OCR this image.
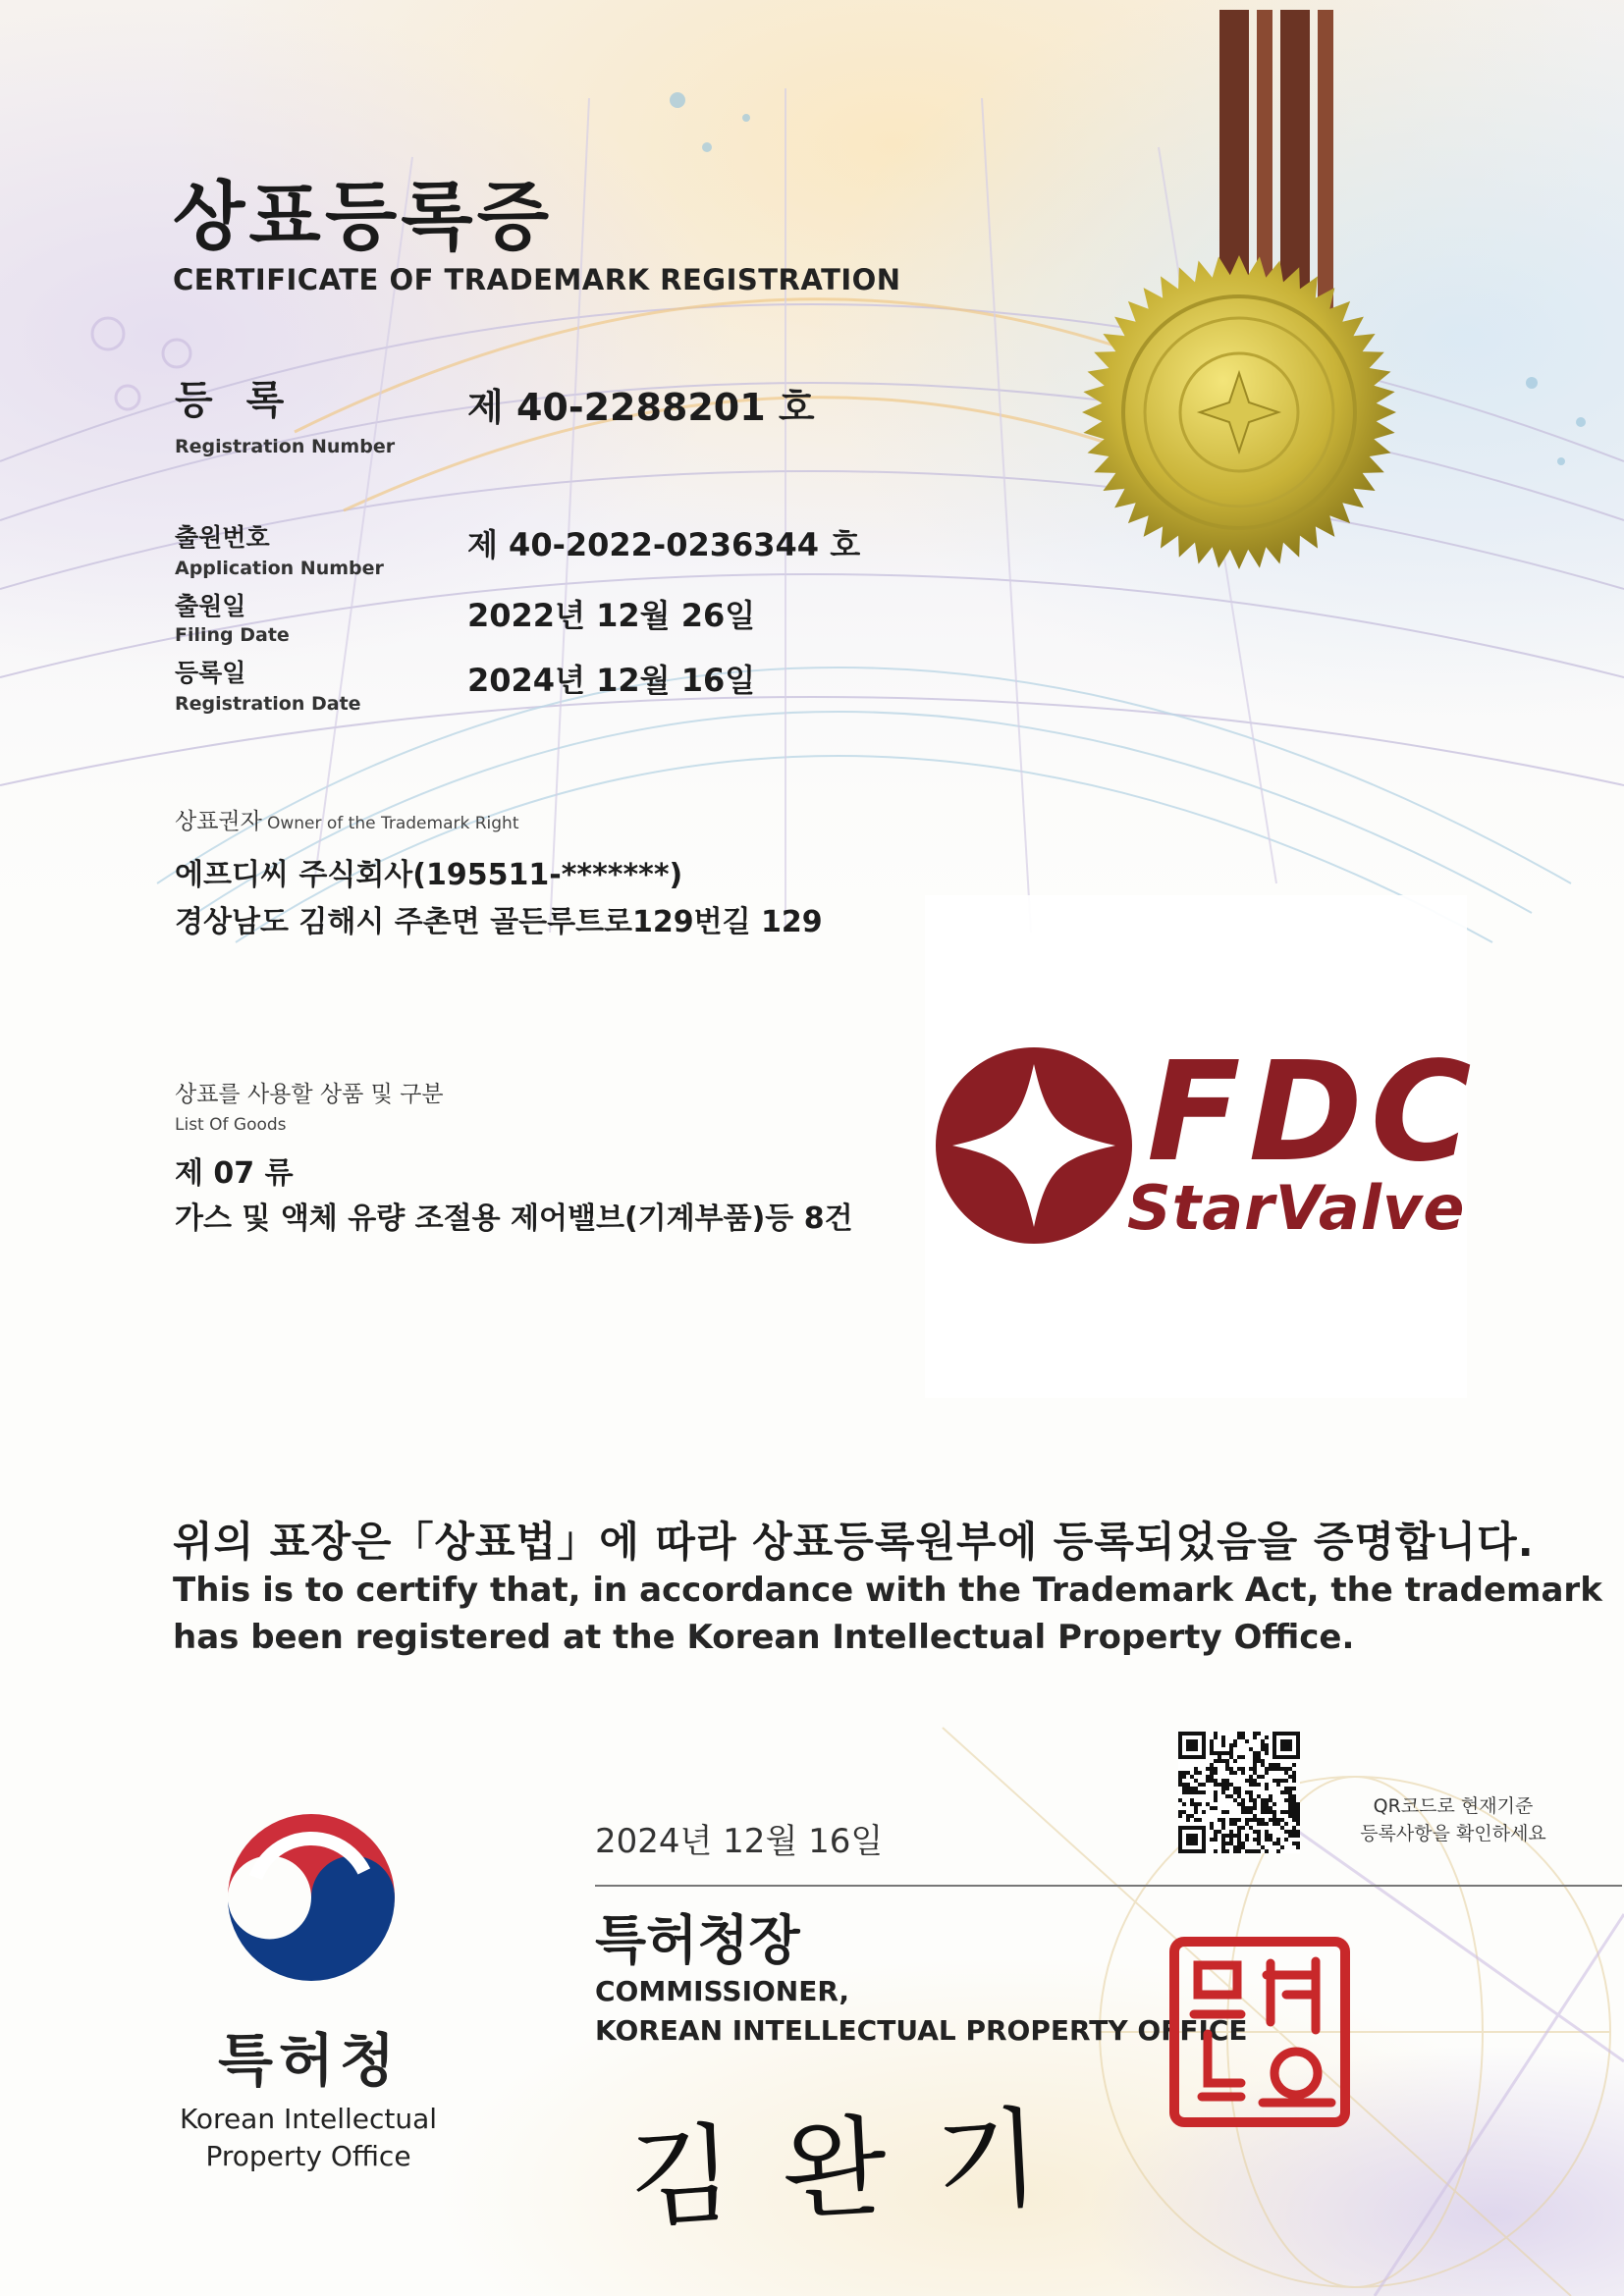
상표등록증
CERTIFICATE OF TRADEMARK REGISTRATION
등 록
Registration Number
제 40-2288201 호
출원번호
Application Number
제 40-2022-0236344 호
출원일
Filing Date
2022년 12월 26일
등록일
Registration Date
2024년 12월 16일
상표권자 Owner of the Trademark Right
에프디씨 주식회사(195511-*******)
경상남도 김해시 주촌면 골든루트로129번길 129
상표를 사용할 상품 및 구분
List Of Goods
제 07 류
가스 및 액체 유량 조절용 제어밸브(기계부품)등 8건
FDC
StarValve
위의 표장은「상표법」에 따라 상표등록원부에 등록되었음을 증명합니다.
This is to certify that, in accordance with the Trademark Act, the trademark
has been registered at the Korean Intellectual Property Office.
특허청
Korean Intellectual
Property Office
2024년 12월 16일
특허청장
COMMISSIONER,
KOREAN INTELLECTUAL PROPERTY OFFICE
김완기
QR코드로 현재기준
등록사항을 확인하세요
